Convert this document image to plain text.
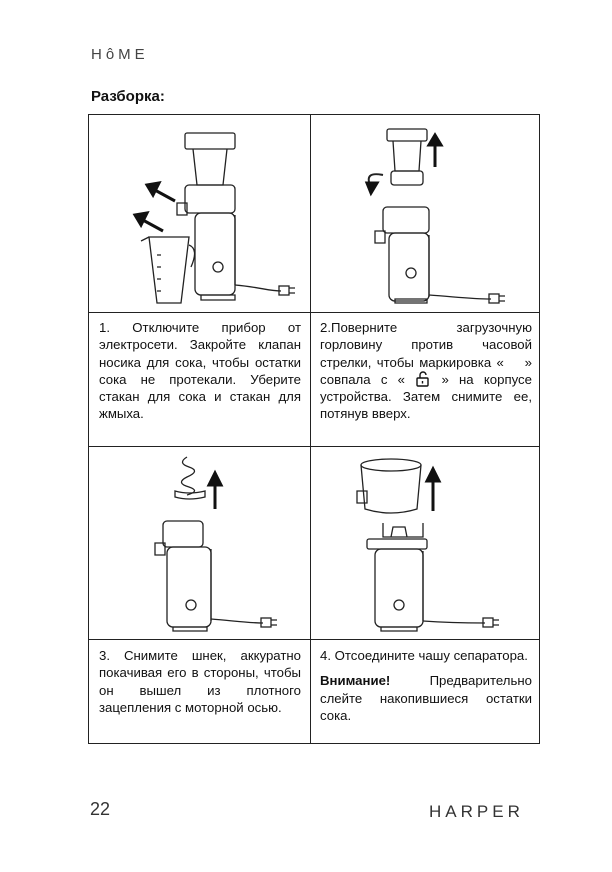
HôME
Разборка:

1. Отключите прибор от электросети. Закройте клапан носика для сока, чтобы остатки сока не протекали. Уберите стакан для сока и стакан для жмыха.

2.Поверните загрузочную горловину против часовой стрелки, чтобы маркировка « » совпала с «	» на корпусе устройства. Затем снимите ее, потянув вверх.

3. Снимите шнек, аккуратно покачивая его в стороны, чтобы он вышел из плотного зацепления с моторной осью.

4. Отсоедините чашу сепаратора.
Внимание!	Предварительно слейте накопившиеся остатки сока.
22	HARPER
